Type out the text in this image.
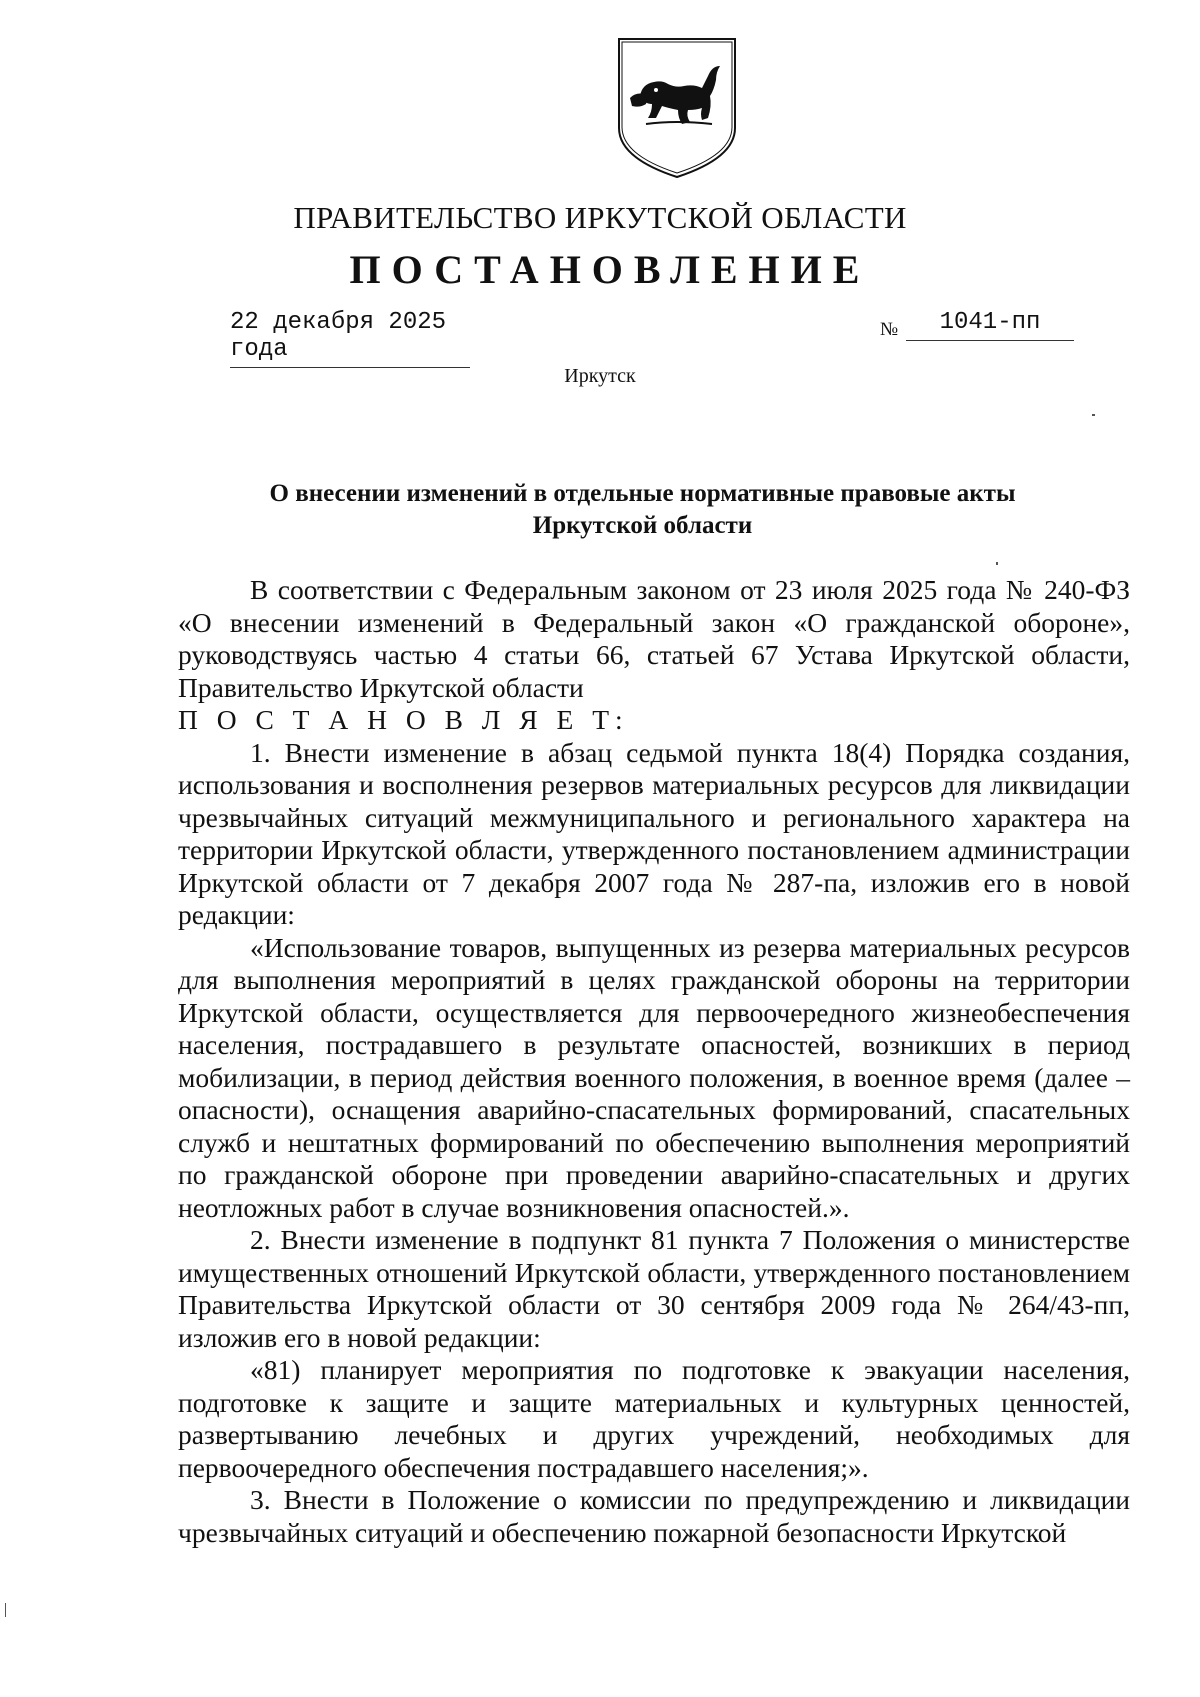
ПРАВИТЕЛЬСТВО ИРКУТСКОЙ ОБЛАСТИ
ПОСТАНОВЛЕНИЕ
22 декабря 2025 года
№	1041-пп
Иркутск
О внесении изменений в отдельные нормативные правовые акты
Иркутской области

В соответствии с Федеральным законом от 23 июля 2025 года № 240-ФЗ «О внесении изменений в Федеральный закон «О гражданской обороне», руководствуясь частью 4 статьи 66, статьей 67 Устава Иркутской области, Правительство Иркутской области

П О С Т А Н О В Л Я Е Т:

1. Внести изменение в абзац седьмой пункта 18(4) Порядка создания, использования и восполнения резервов материальных ресурсов для ликвидации чрезвычайных ситуаций межмуниципального и регионального характера на территории Иркутской области, утвержденного постановлением администрации Иркутской области от 7 декабря 2007 года № 287-па, изложив его в новой редакции:

«Использование товаров, выпущенных из резерва материальных ресурсов для выполнения мероприятий в целях гражданской обороны на территории Иркутской области, осуществляется для первоочередного жизнеобеспечения населения, пострадавшего в результате опасностей, возникших в период мобилизации, в период действия военного положения, в военное время (далее – опасности), оснащения аварийно-спасательных формирований, спасательных служб и нештатных формирований по обеспечению выполнения мероприятий по гражданской обороне при проведении аварийно-спасательных и других неотложных работ в случае возникновения опасностей.».

2. Внести изменение в подпункт 81 пункта 7 Положения о министерстве имущественных отношений Иркутской области, утвержденного постановлением Правительства Иркутской области от 30 сентября 2009 года № 264/43-пп, изложив его в новой редакции:

«81) планирует мероприятия по подготовке к эвакуации населения, подготовке к защите и защите материальных и культурных ценностей, развертыванию лечебных и других учреждений, необходимых для первоочередного обеспечения пострадавшего населения;».

3. Внести в Положение о комиссии по предупреждению и ликвидации чрезвычайных ситуаций и обеспечению пожарной безопасности Иркутской
